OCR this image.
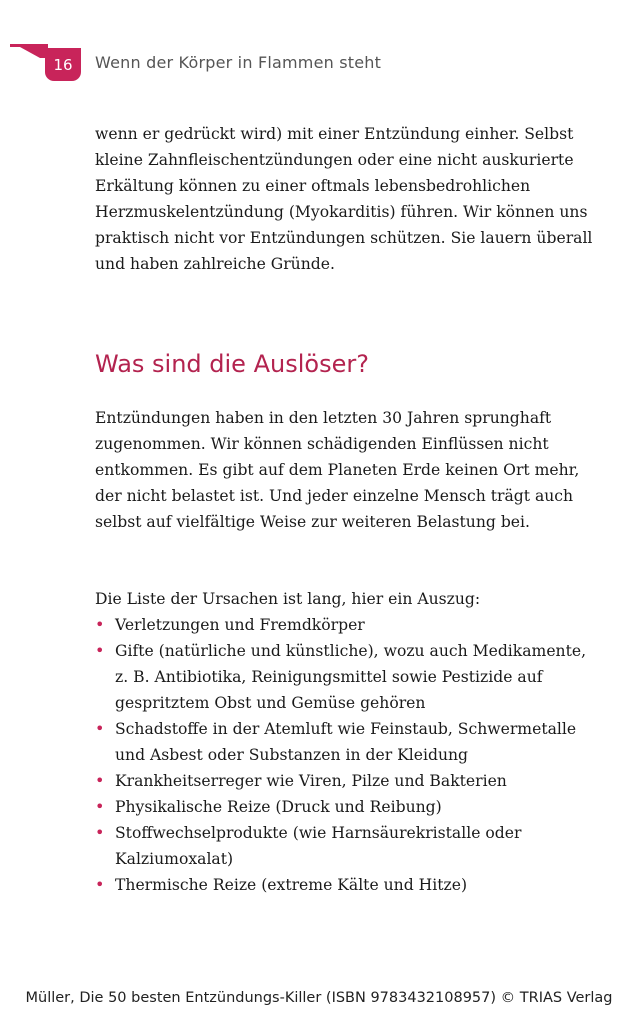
16	Wenn der Körper in Flammen steht

wenn er gedrückt wird) mit einer Entzündung einher. Selbst kleine Zahnfleischentzündungen oder eine nicht auskurierte Erkältung können zu einer oftmals lebensbedrohlichen Herzmuskelentzündung (Myokarditis) führen. Wir können uns praktisch nicht vor Entzündungen schützen. Sie lauern überall und haben zahlreiche Gründe.

Was sind die Auslöser?

Entzündungen haben in den letzten 30 Jahren sprunghaft zugenommen. Wir können schädigenden Einflüssen nicht entkommen. Es gibt auf dem Planeten Erde keinen Ort mehr, der nicht belastet ist. Und jeder einzelne Mensch trägt auch selbst auf vielfältige Weise zur weiteren Belastung bei.

Die Liste der Ursachen ist lang, hier ein Auszug:

• Verletzungen und Fremdkörper
• Gifte (natürliche und künstliche), wozu auch Medikamente, z. B. Antibiotika, Reinigungsmittel sowie Pestizide auf gespritztem Obst und Gemüse gehören
• Schadstoffe in der Atemluft wie Feinstaub, Schwermetalle und Asbest oder Substanzen in der Kleidung
• Krankheitserreger wie Viren, Pilze und Bakterien
• Physikalische Reize (Druck und Reibung)
• Stoffwechselprodukte (wie Harnsäurekristalle oder Kalziumoxalat)
• Thermische Reize (extreme Kälte und Hitze)
Müller, Die 50 besten Entzündungs-Killer (ISBN 9783432108957) © TRIAS Verlag
